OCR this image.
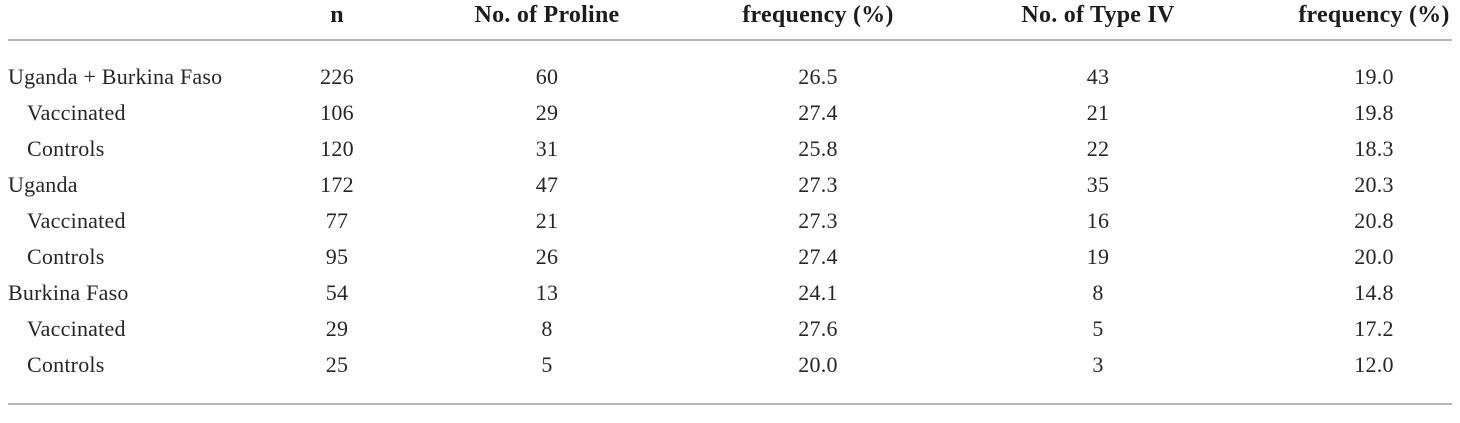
	n	No. of Proline	frequency (%)	No. of Type IV	frequency (%)
Uganda + Burkina Faso	226	60	26.5	43	19.0
Vaccinated	106	29	27.4	21	19.8
Controls	120	31	25.8	22	18.3
Uganda	172	47	27.3	35	20.3
Vaccinated	77	21	27.3	16	20.8
Controls	95	26	27.4	19	20.0
Burkina Faso	54	13	24.1	8	14.8
Vaccinated	29	8	27.6	5	17.2
Controls	25	5	20.0	3	12.0
